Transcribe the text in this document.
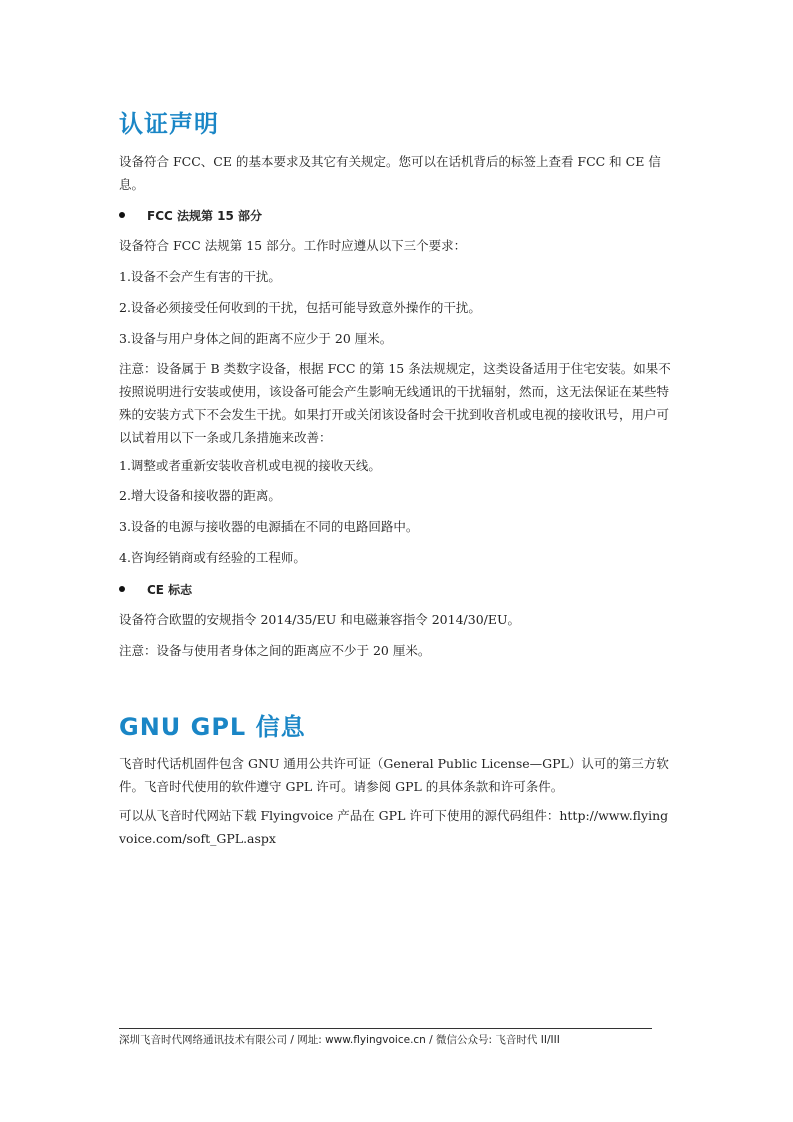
认证声明

设备符合 FCC、CE 的基本要求及其它有关规定。您可以在话机背后的标签上查看 FCC 和 CE 信息。

FCC 法规第 15 部分

设备符合 FCC 法规第 15 部分。工作时应遵从以下三个要求：

1.设备不会产生有害的干扰。

2.设备必须接受任何收到的干扰，包括可能导致意外操作的干扰。

3.设备与用户身体之间的距离不应少于 20 厘米。

注意：设备属于 B 类数字设备，根据 FCC 的第 15 条法规规定，这类设备适用于住宅安装。如果不按照说明进行安装或使用，该设备可能会产生影响无线通讯的干扰辐射，然而，这无法保证在某些特殊的安装方式下不会发生干扰。如果打开或关闭该设备时会干扰到收音机或电视的接收讯号，用户可以试着用以下一条或几条措施来改善：

1.调整或者重新安装收音机或电视的接收天线。

2.增大设备和接收器的距离。

3.设备的电源与接收器的电源插在不同的电路回路中。

4.咨询经销商或有经验的工程师。

CE 标志

设备符合欧盟的安规指令 2014/35/EU 和电磁兼容指令 2014/30/EU。

注意：设备与使用者身体之间的距离应不少于 20 厘米。

GNU GPL 信息

飞音时代话机固件包含 GNU 通用公共许可证（General Public License—GPL）认可的第三方软件。飞音时代使用的软件遵守 GPL 许可。请参阅 GPL 的具体条款和许可条件。

可以从飞音时代网站下载 Flyingvoice 产品在 GPL 许可下使用的源代码组件：http://www.flyingvoice.com/soft_GPL.aspx

深圳飞音时代网络通讯技术有限公司 / 网址: www.flyingvoice.cn / 微信公众号: 飞音时代 II/III
